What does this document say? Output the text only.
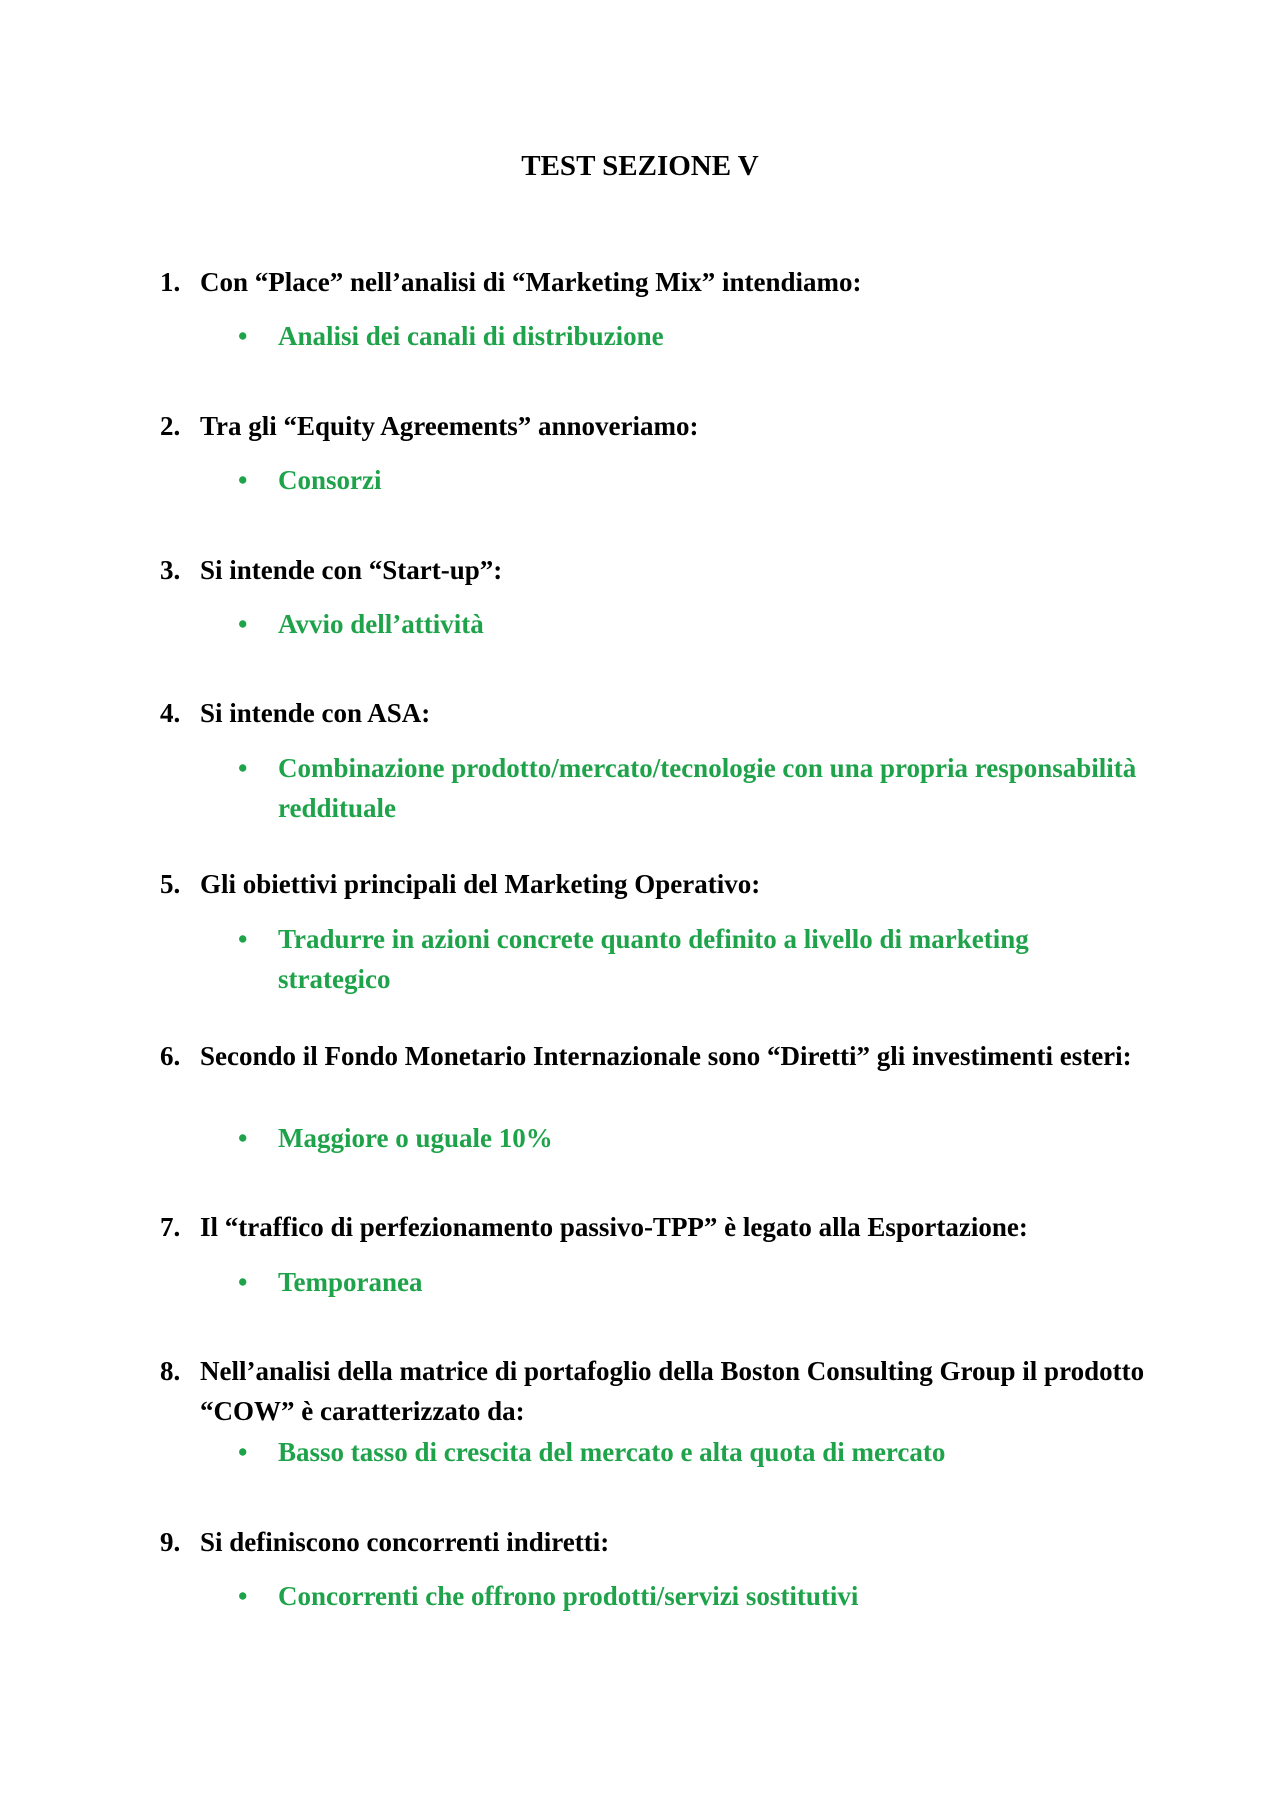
TEST SEZIONE V
1. Con “Place” nell’analisi di “Marketing Mix” intendiamo:
•	Analisi dei canali di distribuzione
2. Tra gli “Equity Agreements” annoveriamo:
•	Consorzi
3. Si intende con “Start-up”:
•	Avvio dell’attività
4. Si intende con ASA:
•	Combinazione prodotto/mercato/tecnologie con una propria responsabilità reddituale
5. Gli obiettivi principali del Marketing Operativo:
•	Tradurre in azioni concrete quanto definito a livello di marketing strategico
6. Secondo il Fondo Monetario Internazionale sono “Diretti” gli investimenti esteri:
•	Maggiore o uguale 10%
7. Il “traffico di perfezionamento passivo-TPP” è legato alla Esportazione:
•	Temporanea
8. Nell’analisi della matrice di portafoglio della Boston Consulting Group il prodotto “COW” è caratterizzato da:
•	Basso tasso di crescita del mercato e alta quota di mercato
9. Si definiscono concorrenti indiretti:
•	Concorrenti che offrono prodotti/servizi sostitutivi
